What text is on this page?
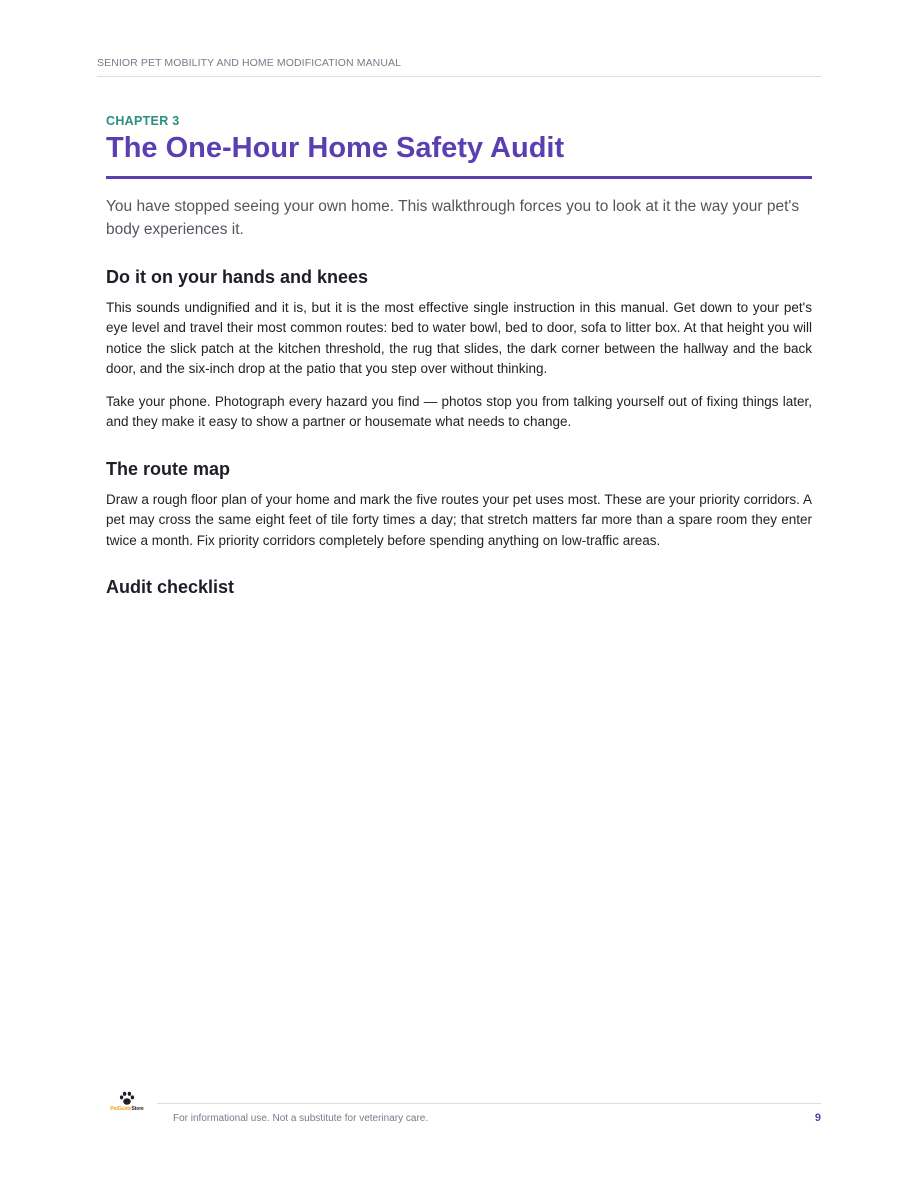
SENIOR PET MOBILITY AND HOME MODIFICATION MANUAL

CHAPTER 3

The One-Hour Home Safety Audit

You have stopped seeing your own home. This walkthrough forces you to look at it the way your pet's body experiences it.

Do it on your hands and knees

This sounds undignified and it is, but it is the most effective single instruction in this manual. Get down to your pet's eye level and travel their most common routes: bed to water bowl, bed to door, sofa to litter box. At that height you will notice the slick patch at the kitchen threshold, the rug that slides, the dark corner between the hallway and the back door, and the six-inch drop at the patio that you step over without thinking.

Take your phone. Photograph every hazard you find — photos stop you from talking yourself out of fixing things later, and they make it easy to show a partner or housemate what needs to change.

The route map

Draw a rough floor plan of your home and mark the five routes your pet uses most. These are your priority corridors. A pet may cross the same eight feet of tile forty times a day; that stretch matters far more than a spare room they enter twice a month. Fix priority corridors completely before spending anything on low-traffic areas.

Audit checklist
PetGuideStore
For informational use. Not a substitute for veterinary care.	9
